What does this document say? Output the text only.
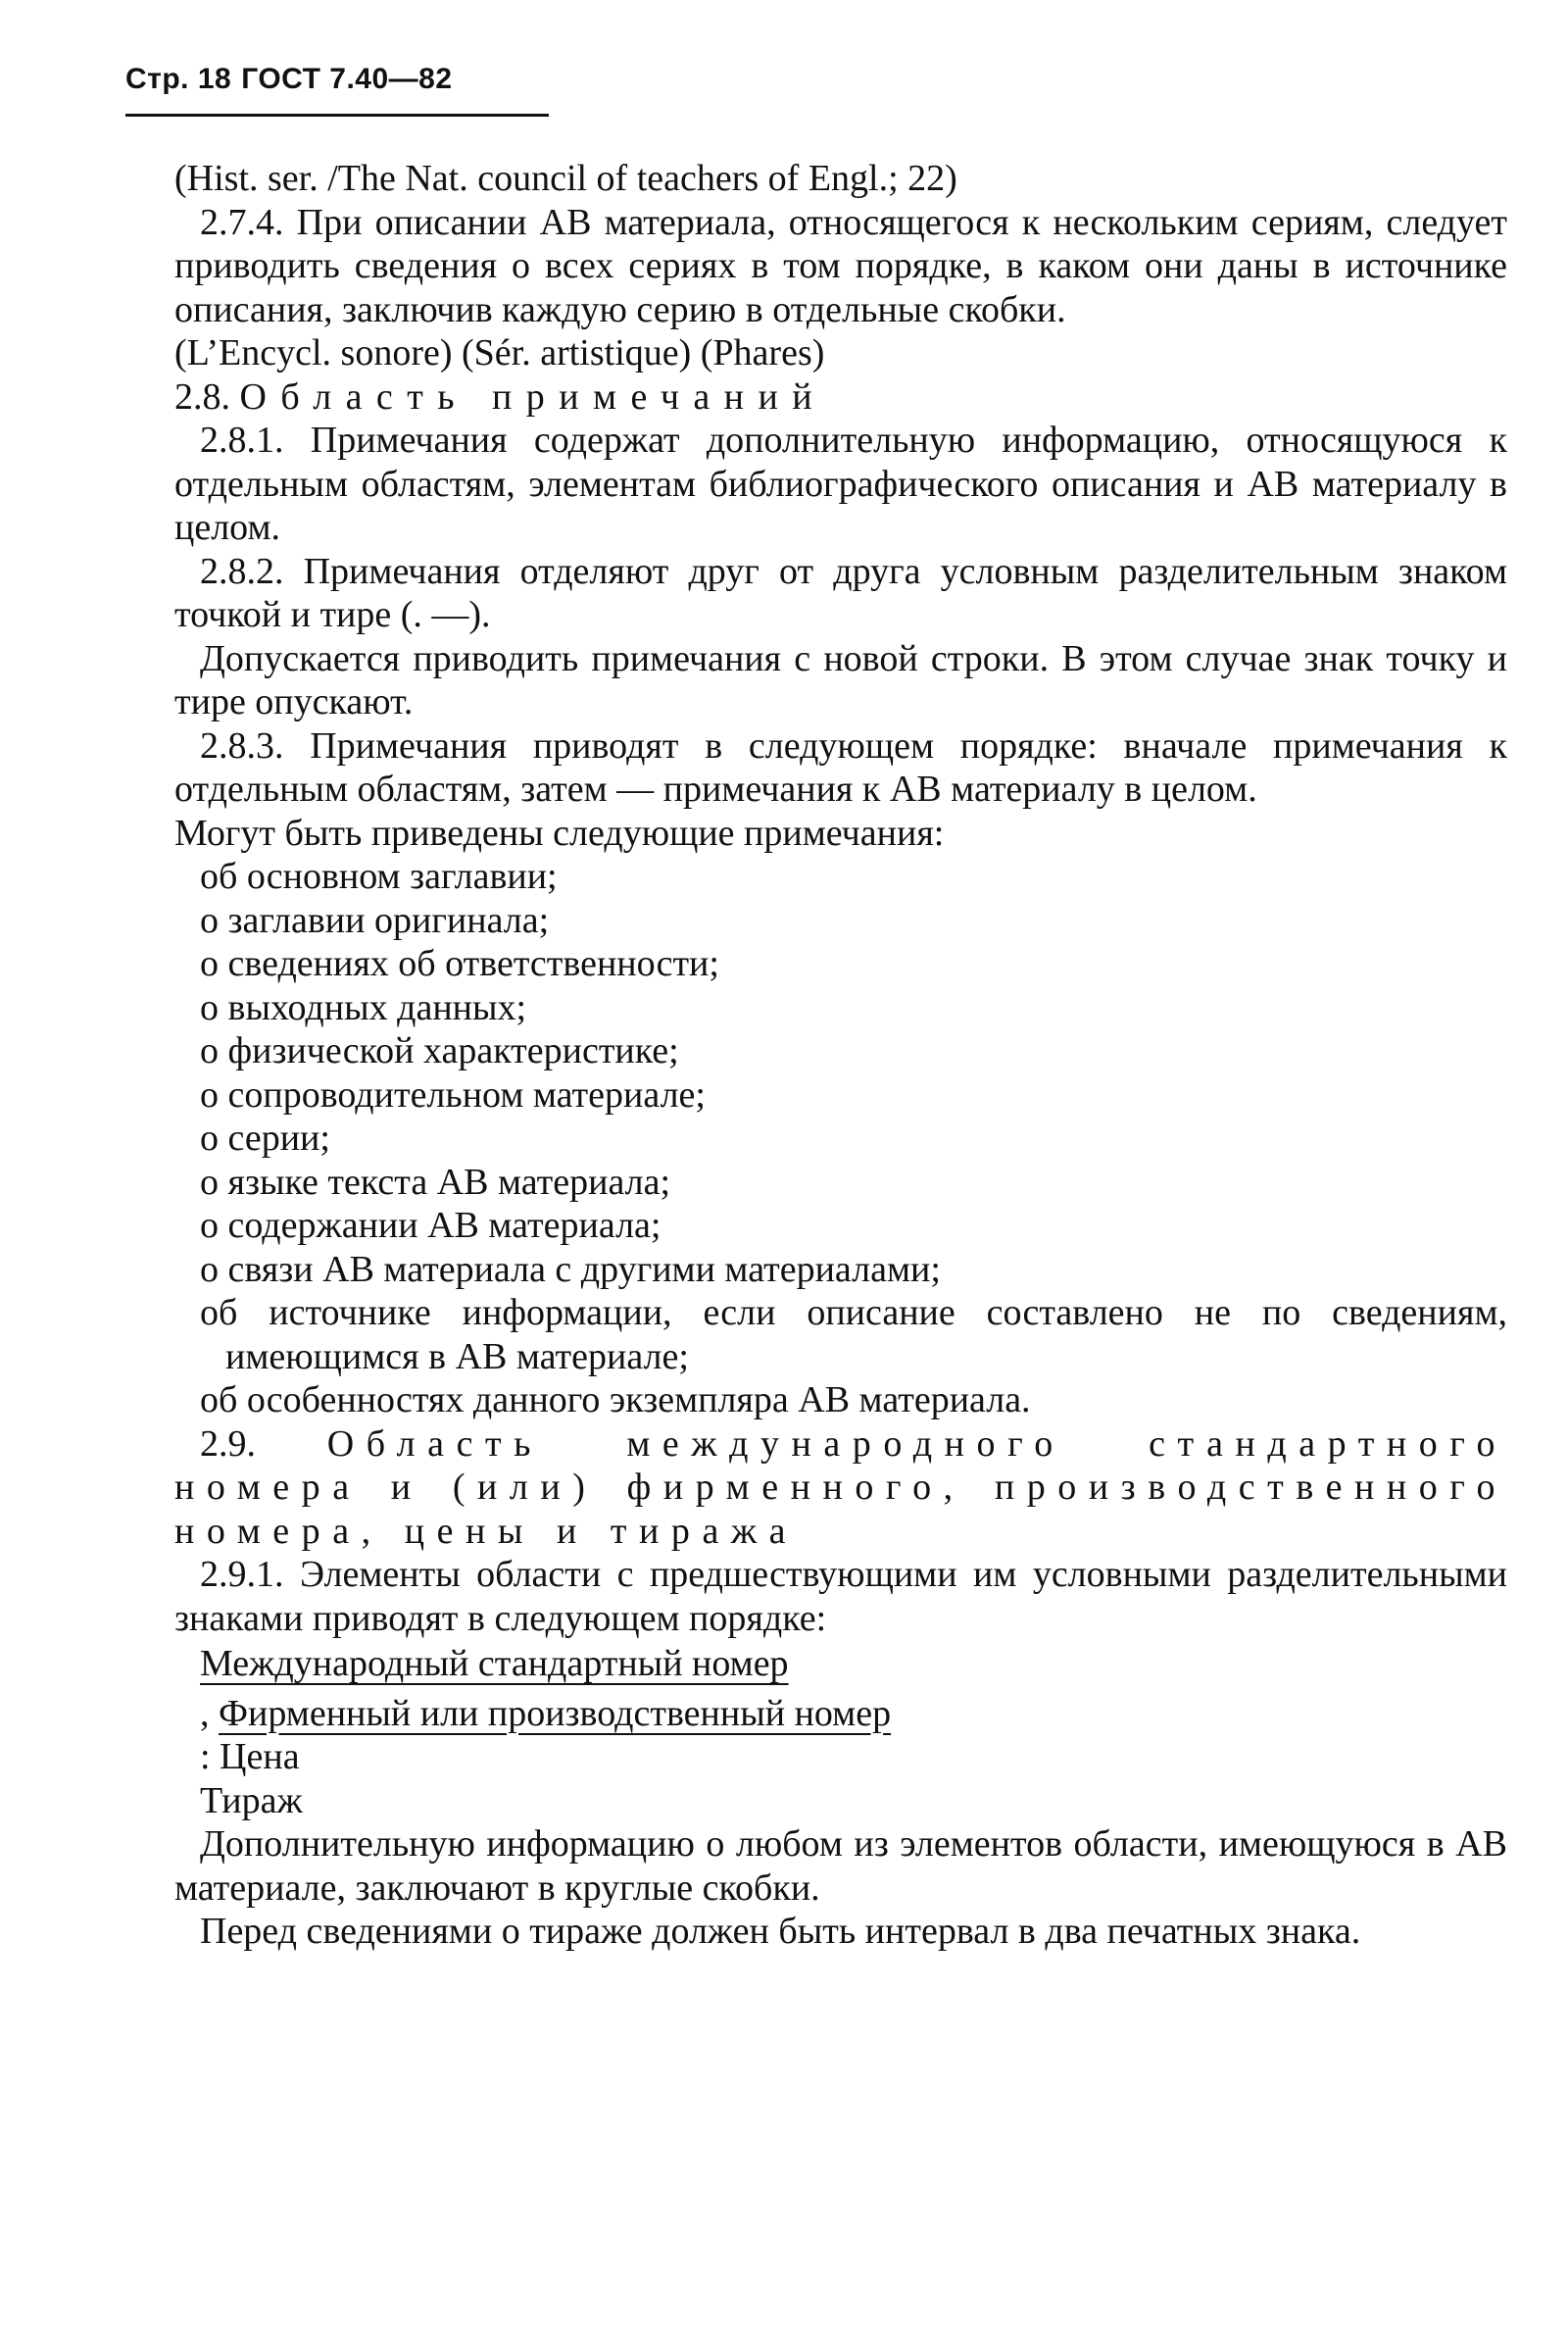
Стр. 18 ГОСТ 7.40—82

(Hist. ser. /The Nat. council of teachers of Engl.; 22)

2.7.4. При описании АВ материала, относящегося к нескольким сериям, следует приводить сведения о всех сериях в том порядке, в каком они даны в источнике описания, заключив каждую серию в отдельные скобки.

(L’Encycl. sonore) (Sér. artistique) (Phares)

2.8. Область примечаний

2.8.1. Примечания содержат дополнительную информацию, относящуюся к отдельным областям, элементам библиографического описания и АВ материалу в целом.

2.8.2. Примечания отделяют друг от друга условным разделительным знаком точкой и тире (. —).

Допускается приводить примечания с новой строки. В этом случае знак точку и тире опускают.

2.8.3. Примечания приводят в следующем порядке: вначале примечания к отдельным областям, затем — примечания к АВ материалу в целом.

Могут быть приведены следующие примечания:

об основном заглавии;
о заглавии оригинала;
о сведениях об ответственности;
о выходных данных;
о физической характеристике;
о сопроводительном материале;
о серии;
о языке текста АВ материала;
о содержании АВ материала;
о связи АВ материала с другими материалами;
об источнике информации, если описание составлено не по сведениям, имеющимся в АВ материале;
об особенностях данного экземпляра АВ материала.

2.9. Область международного стандартного номера и (или) фирменного, производственного

номера, цены и тиража

2.9.1. Элементы области с предшествующими им условными разделительными знаками приводят в следующем порядке:

Международный стандартный номер
, Фирменный или производственный номер
: Цена
Тираж

Дополнительную информацию о любом из элементов области, имеющуюся в АВ материале, заключают в круглые скобки.

Перед сведениями о тираже должен быть интервал в два печатных знака.
